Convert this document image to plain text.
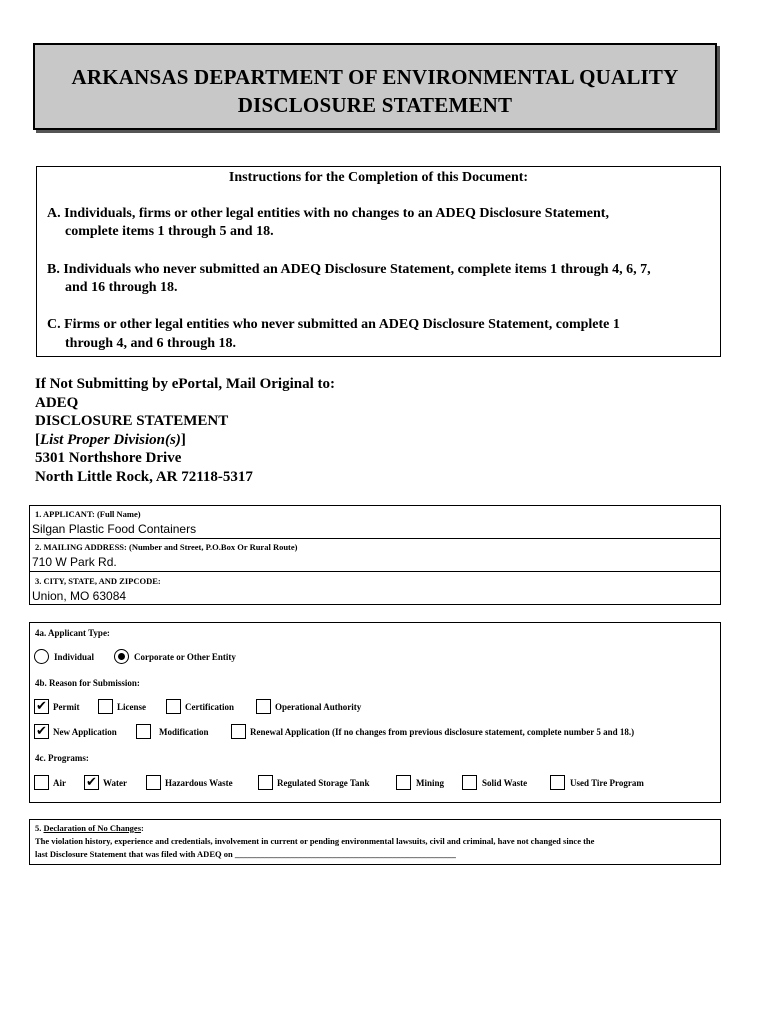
ARKANSAS DEPARTMENT OF ENVIRONMENTAL QUALITY
DISCLOSURE STATEMENT
Instructions for the Completion of this Document:
A. Individuals, firms or other legal entities with no changes to an ADEQ Disclosure Statement,
complete items 1 through 5 and 18.
B. Individuals who never submitted an ADEQ Disclosure Statement, complete items 1 through 4, 6, 7,
and 16 through 18.
C. Firms or other legal entities who never submitted an ADEQ Disclosure Statement, complete 1
through 4, and 6 through 18.
If Not Submitting by ePortal, Mail Original to:
ADEQ
DISCLOSURE STATEMENT
[List Proper Division(s)]
5301 Northshore Drive
North Little Rock, AR 72118-5317
1. APPLICANT: (Full Name)
Silgan Plastic Food Containers
2. MAILING ADDRESS: (Number and Street, P.O.Box Or Rural Route)
710 W Park Rd.
3. CITY, STATE, AND ZIPCODE:
Union, MO 63084
4a. Applicant Type:
Individual	Corporate or Other Entity
4b. Reason for Submission:
✔ Permit	License	Certification	Operational Authority
✔ New Application	Modification	Renewal Application (If no changes from previous disclosure statement, complete number 5 and 18.)
4c. Programs:
Air ✔ Water	Hazardous Waste	Regulated Storage Tank	Mining	Solid Waste	Used Tire Program
5. Declaration of No Changes:
The violation history, experience and credentials, involvement in current or pending environmental lawsuits, civil and criminal, have not changed since the
last Disclosure Statement that was filed with ADEQ on ____________________________________________________
